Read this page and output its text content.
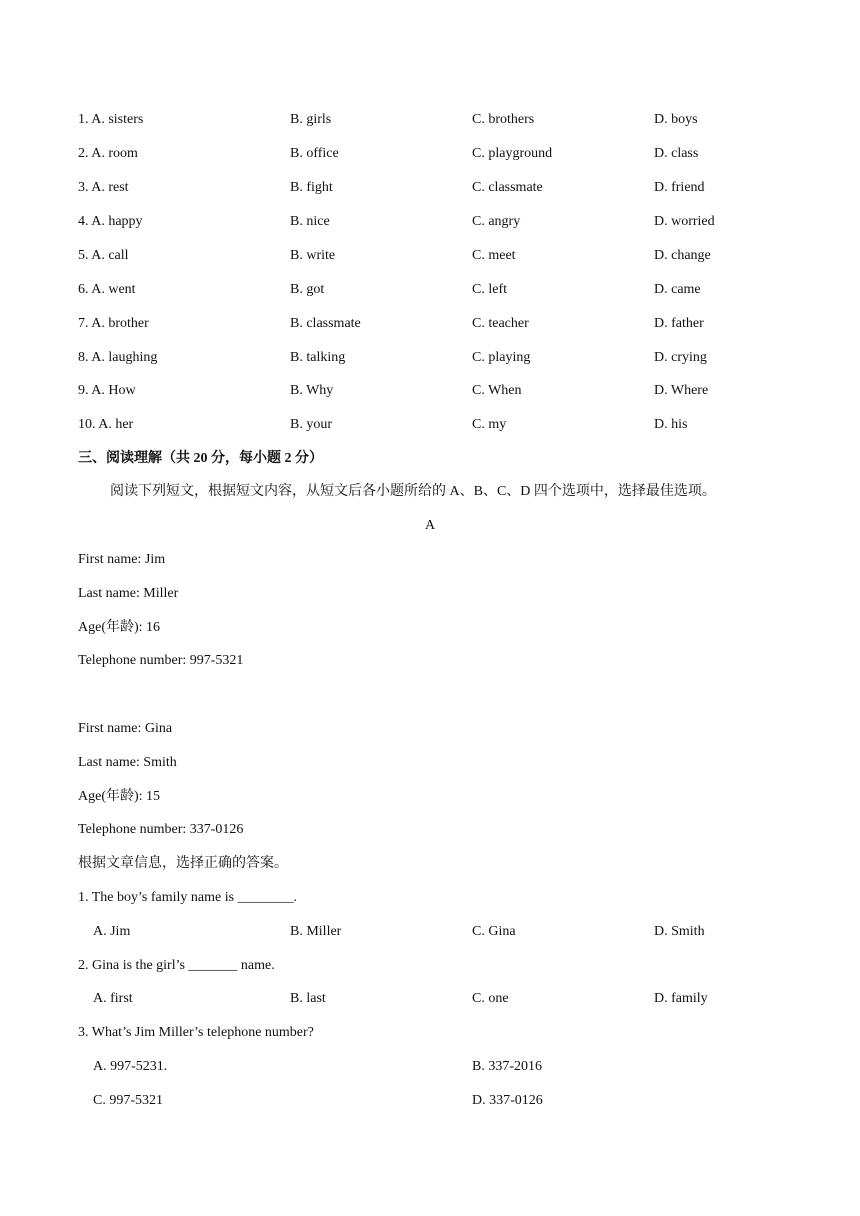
1. A. sisters	B. girls	C. brothers	D. boys
2. A. room	B. office	C. playground	D. class
3. A. rest	B. fight	C. classmate	D. friend
4. A. happy	B. nice	C. angry	D. worried
5. A. call	B. write	C. meet	D. change
6. A. went	B. got	C. left	D. came
7. A. brother	B. classmate	C. teacher	D. father
8. A. laughing	B. talking	C. playing	D. crying
9. A. How	B. Why	C. When	D. Where
10. A. her	B. your	C. my	D. his
三、阅读理解（共 20 分，每小题 2 分）
阅读下列短文，根据短文内容，从短文后各小题所给的 A、B、C、D 四个选项中，选择最佳选项。
A
First name: Jim
Last name: Miller
Age(年龄): 16
Telephone number: 997-5321
First name: Gina
Last name: Smith
Age(年龄): 15
Telephone number: 337-0126
根据文章信息，选择正确的答案。
1. The boy’s family name is ________.
A. Jim	B. Miller	C. Gina	D. Smith
2. Gina is the girl’s _______ name.
A. first	B. last	C. one	D. family
3. What’s Jim Miller’s telephone number?
A. 997-5231.	B. 337-2016
C. 997-5321	D. 337-0126
